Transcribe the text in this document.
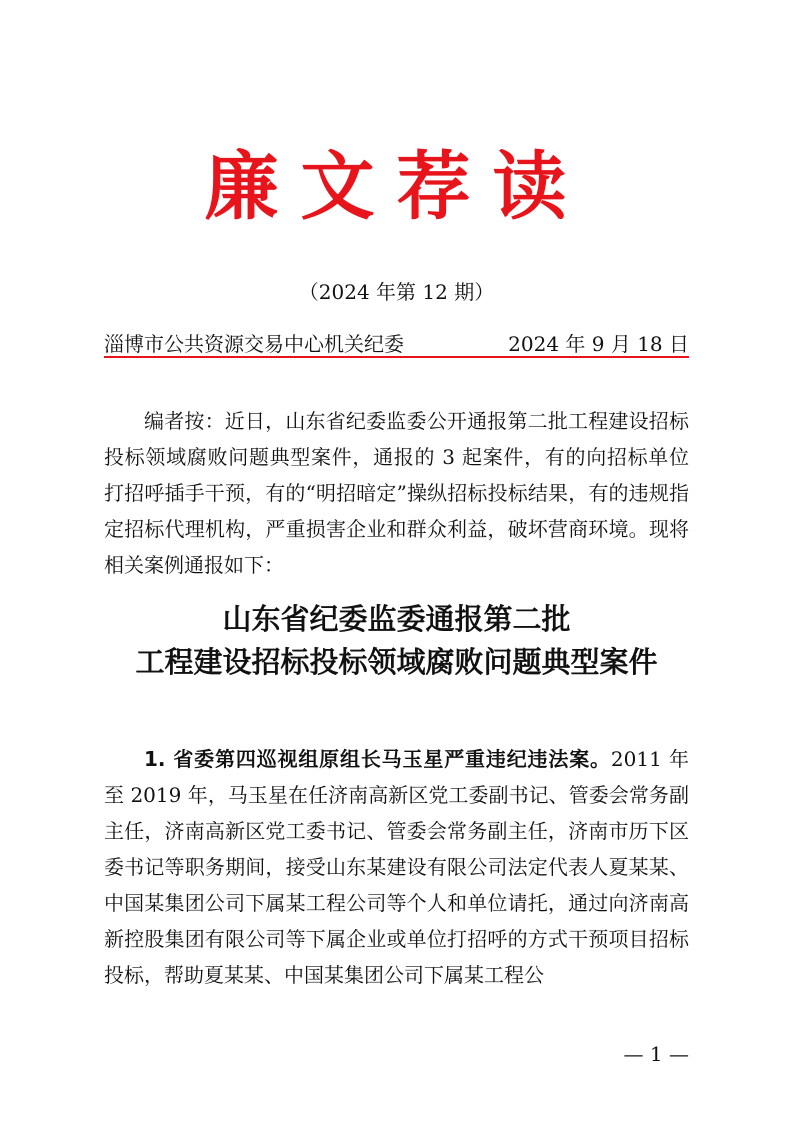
廉文荐读
（2024 年第 12 期）
淄博市公共资源交易中心机关纪委	2024 年 9 月 18 日

编者按：近日，山东省纪委监委公开通报第二批工程建设招标投标领域腐败问题典型案件，通报的 3 起案件，有的向招标单位打招呼插手干预，有的“明招暗定”操纵招标投标结果，有的违规指定招标代理机构，严重损害企业和群众利益，破坏营商环境。现将相关案例通报如下：

山东省纪委监委通报第二批
工程建设招标投标领域腐败问题典型案件

1. 省委第四巡视组原组长马玉星严重违纪违法案。2011 年至 2019 年，马玉星在任济南高新区党工委副书记、管委会常务副主任，济南高新区党工委书记、管委会常务副主任，济南市历下区委书记等职务期间，接受山东某建设有限公司法定代表人夏某某、中国某集团公司下属某工程公司等个人和单位请托，通过向济南高新控股集团有限公司等下属企业或单位打招呼的方式干预项目招标投标，帮助夏某某、中国某集团公司下属某工程公

— 1 —
